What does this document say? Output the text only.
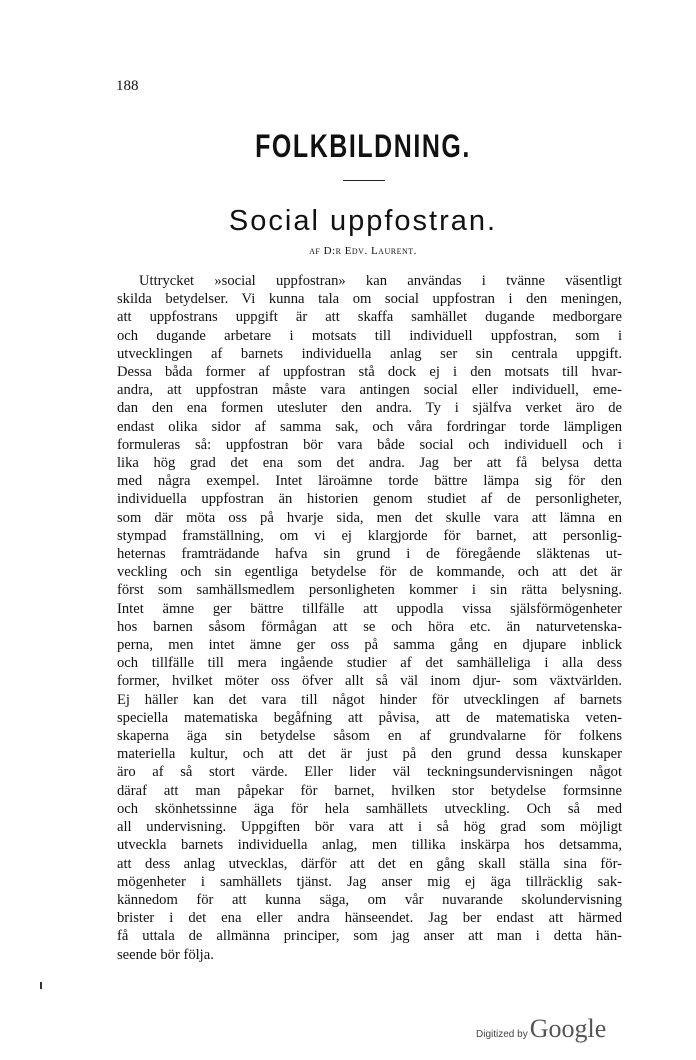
188
FOLKBILDNING.
Social uppfostran.
af D:r Edv. Laurent.
Uttrycket »social uppfostran» kan användas i tvänne väsentligt
skilda betydelser. Vi kunna tala om social uppfostran i den meningen,
att uppfostrans uppgift är att skaffa samhället dugande medborgare
och dugande arbetare i motsats till individuell uppfostran, som i
utvecklingen af barnets individuella anlag ser sin centrala uppgift.
Dessa båda former af uppfostran stå dock ej i den motsats till hvar-
andra, att uppfostran måste vara antingen social eller individuell, eme-
dan den ena formen utesluter den andra. Ty i själfva verket äro de
endast olika sidor af samma sak, och våra fordringar torde lämpligen
formuleras så: uppfostran bör vara både social och individuell och i
lika hög grad det ena som det andra. Jag ber att få belysa detta
med några exempel. Intet läroämne torde bättre lämpa sig för den
individuella uppfostran än historien genom studiet af de personligheter,
som där möta oss på hvarje sida, men det skulle vara att lämna en
stympad framställning, om vi ej klargjorde för barnet, att personlig-
heternas framträdande hafva sin grund i de föregående släktenas ut-
veckling och sin egentliga betydelse för de kommande, och att det är
först som samhällsmedlem personligheten kommer i sin rätta belysning.
Intet ämne ger bättre tillfälle att uppodla vissa själsförmögenheter
hos barnen såsom förmågan att se och höra etc. än naturvetenska-
perna, men intet ämne ger oss på samma gång en djupare inblick
och tillfälle till mera ingående studier af det samhälleliga i alla dess
former, hvilket möter oss öfver allt så väl inom djur- som växtvärlden.
Ej häller kan det vara till något hinder för utvecklingen af barnets
speciella matematiska begåfning att påvisa, att de matematiska veten-
skaperna äga sin betydelse såsom en af grundvalarne för folkens
materiella kultur, och att det är just på den grund dessa kunskaper
äro af så stort värde. Eller lider väl teckningsundervisningen något
däraf att man påpekar för barnet, hvilken stor betydelse formsinne
och skönhetssinne äga för hela samhällets utveckling. Och så med
all undervisning. Uppgiften bör vara att i så hög grad som möjligt
utveckla barnets individuella anlag, men tillika inskärpa hos detsamma,
att dess anlag utvecklas, därför att det en gång skall ställa sina för-
mögenheter i samhällets tjänst. Jag anser mig ej äga tillräcklig sak-
kännedom för att kunna säga, om vår nuvarande skolundervisning
brister i det ena eller andra hänseendet. Jag ber endast att härmed
få uttala de allmänna principer, som jag anser att man i detta hän-
seende bör följa.
Digitized by Google
